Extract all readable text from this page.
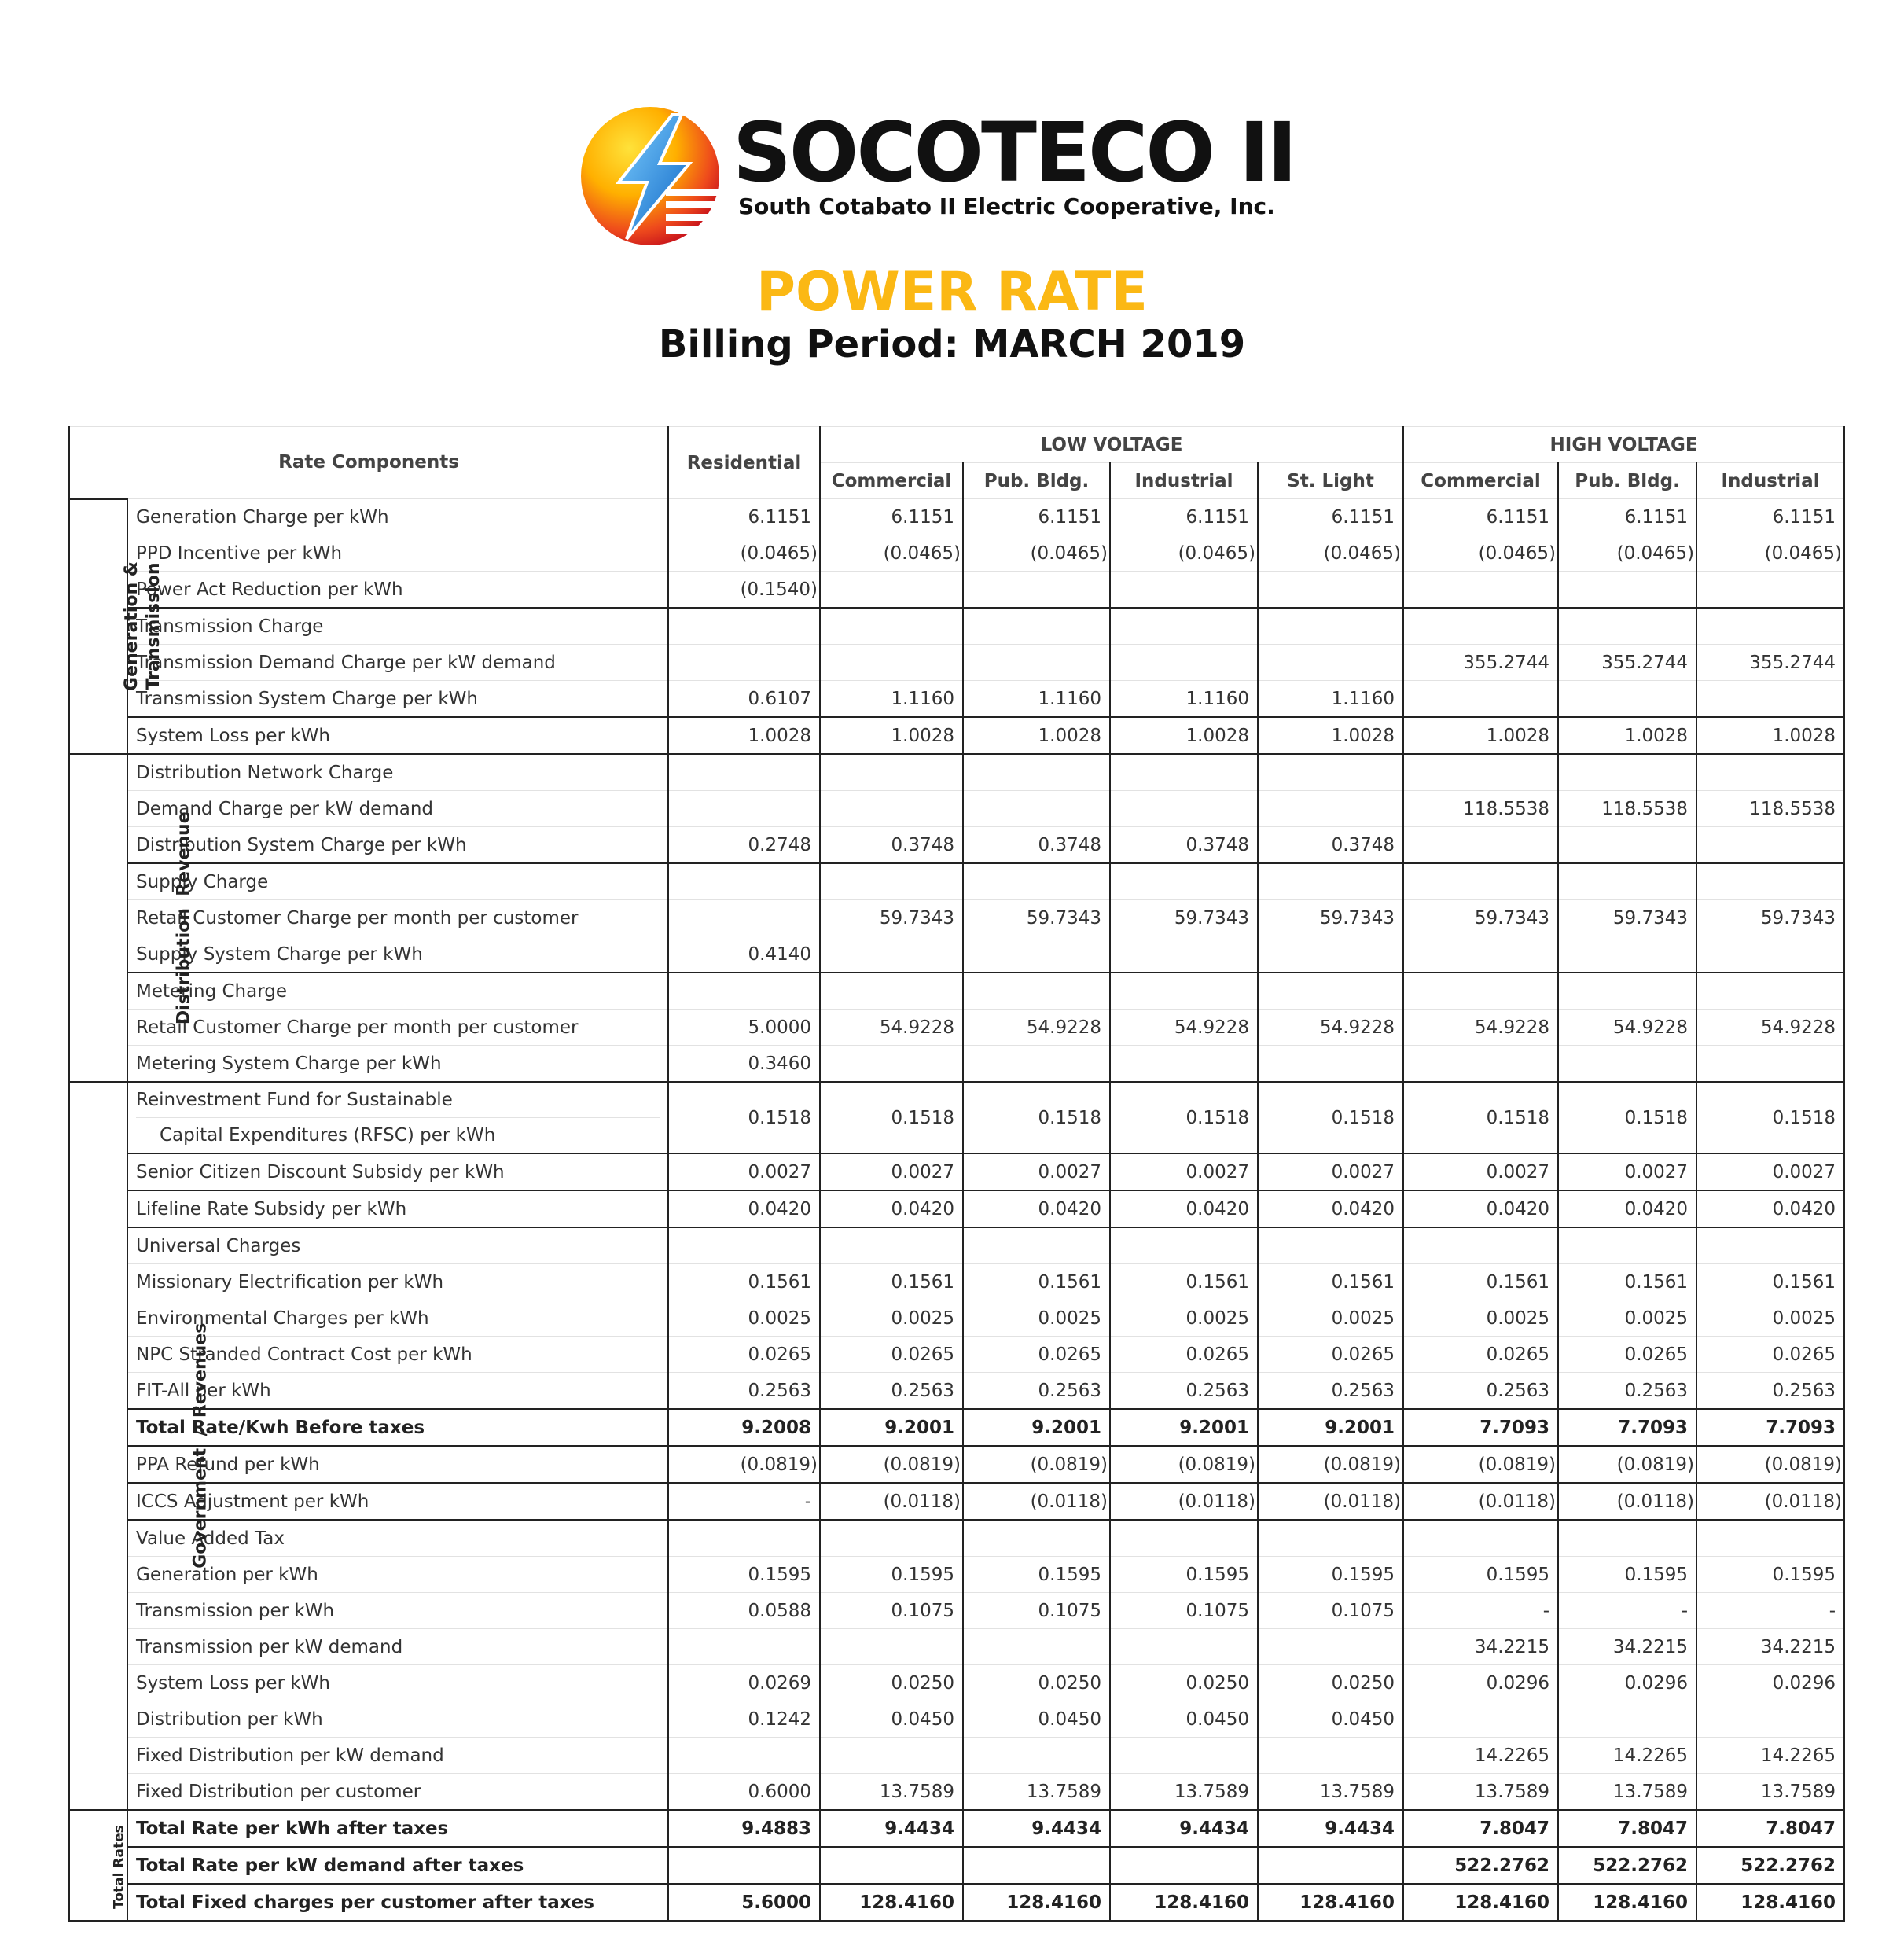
SOCOTECO II
South Cotabato II Electric Cooperative, Inc.
POWER RATE
Billing Period: MARCH 2019
Rate Components		Residential	LOW VOLTAGE				HIGH VOLTAGE		
			Commercial	Pub. Bldg.	Industrial	St. Light	Commercial	Pub. Bldg.	Industrial
Generation &
Transmission	Generation Charge per kWh	6.1151	6.1151	6.1151	6.1151	6.1151	6.1151	6.1151	6.1151
	PPD Incentive per kWh	(0.0465)	(0.0465)	(0.0465)	(0.0465)	(0.0465)	(0.0465)	(0.0465)	(0.0465)
	Power Act Reduction per kWh	(0.1540)							
	Transmission Charge								
	Transmission Demand Charge per kW demand						355.2744	355.2744	355.2744
	Transmission System Charge per kWh	0.6107	1.1160	1.1160	1.1160	1.1160			
	System Loss per kWh	1.0028	1.0028	1.0028	1.0028	1.0028	1.0028	1.0028	1.0028
Distribution  Revenue	Distribution Network Charge								
	Demand Charge per kW demand						118.5538	118.5538	118.5538
	Distribution System Charge per kWh	0.2748	0.3748	0.3748	0.3748	0.3748			
	Supply Charge								
	Retail Customer Charge per month per customer		59.7343	59.7343	59.7343	59.7343	59.7343	59.7343	59.7343
	Supply System Charge per kWh	0.4140							
	Metering Charge								
	Retail Customer Charge per month per customer	5.0000	54.9228	54.9228	54.9228	54.9228	54.9228	54.9228	54.9228
	Metering System Charge per kWh	0.3460							
Government  /  Revenues	Reinvestment Fund for Sustainable
Capital Expenditures (RFSC) per kWh	0.1518	0.1518	0.1518	0.1518	0.1518	0.1518	0.1518	0.1518
	Senior Citizen Discount Subsidy per kWh	0.0027	0.0027	0.0027	0.0027	0.0027	0.0027	0.0027	0.0027
	Lifeline Rate Subsidy per kWh	0.0420	0.0420	0.0420	0.0420	0.0420	0.0420	0.0420	0.0420
	Universal Charges								
	Missionary Electrification per kWh	0.1561	0.1561	0.1561	0.1561	0.1561	0.1561	0.1561	0.1561
	Environmental Charges per kWh	0.0025	0.0025	0.0025	0.0025	0.0025	0.0025	0.0025	0.0025
	NPC Stranded Contract Cost per kWh	0.0265	0.0265	0.0265	0.0265	0.0265	0.0265	0.0265	0.0265
	FIT-All per kWh	0.2563	0.2563	0.2563	0.2563	0.2563	0.2563	0.2563	0.2563
	Total Rate/Kwh Before taxes	9.2008	9.2001	9.2001	9.2001	9.2001	7.7093	7.7093	7.7093
	PPA Refund per kWh	(0.0819)	(0.0819)	(0.0819)	(0.0819)	(0.0819)	(0.0819)	(0.0819)	(0.0819)
	ICCS Adjustment per kWh	-	(0.0118)	(0.0118)	(0.0118)	(0.0118)	(0.0118)	(0.0118)	(0.0118)
	Value Added Tax								
	Generation per kWh	0.1595	0.1595	0.1595	0.1595	0.1595	0.1595	0.1595	0.1595
	Transmission per kWh	0.0588	0.1075	0.1075	0.1075	0.1075	-	-	-
	Transmission per kW demand						34.2215	34.2215	34.2215
	System Loss per kWh	0.0269	0.0250	0.0250	0.0250	0.0250	0.0296	0.0296	0.0296
	Distribution per kWh	0.1242	0.0450	0.0450	0.0450	0.0450			
	Fixed Distribution per kW demand						14.2265	14.2265	14.2265
	Fixed Distribution per customer	0.6000	13.7589	13.7589	13.7589	13.7589	13.7589	13.7589	13.7589
Total Rates	Total Rate per kWh after taxes	9.4883	9.4434	9.4434	9.4434	9.4434	7.8047	7.8047	7.8047
	Total Rate per kW demand after taxes						522.2762	522.2762	522.2762
	Total Fixed charges per customer after taxes	5.6000	128.4160	128.4160	128.4160	128.4160	128.4160	128.4160	128.4160
